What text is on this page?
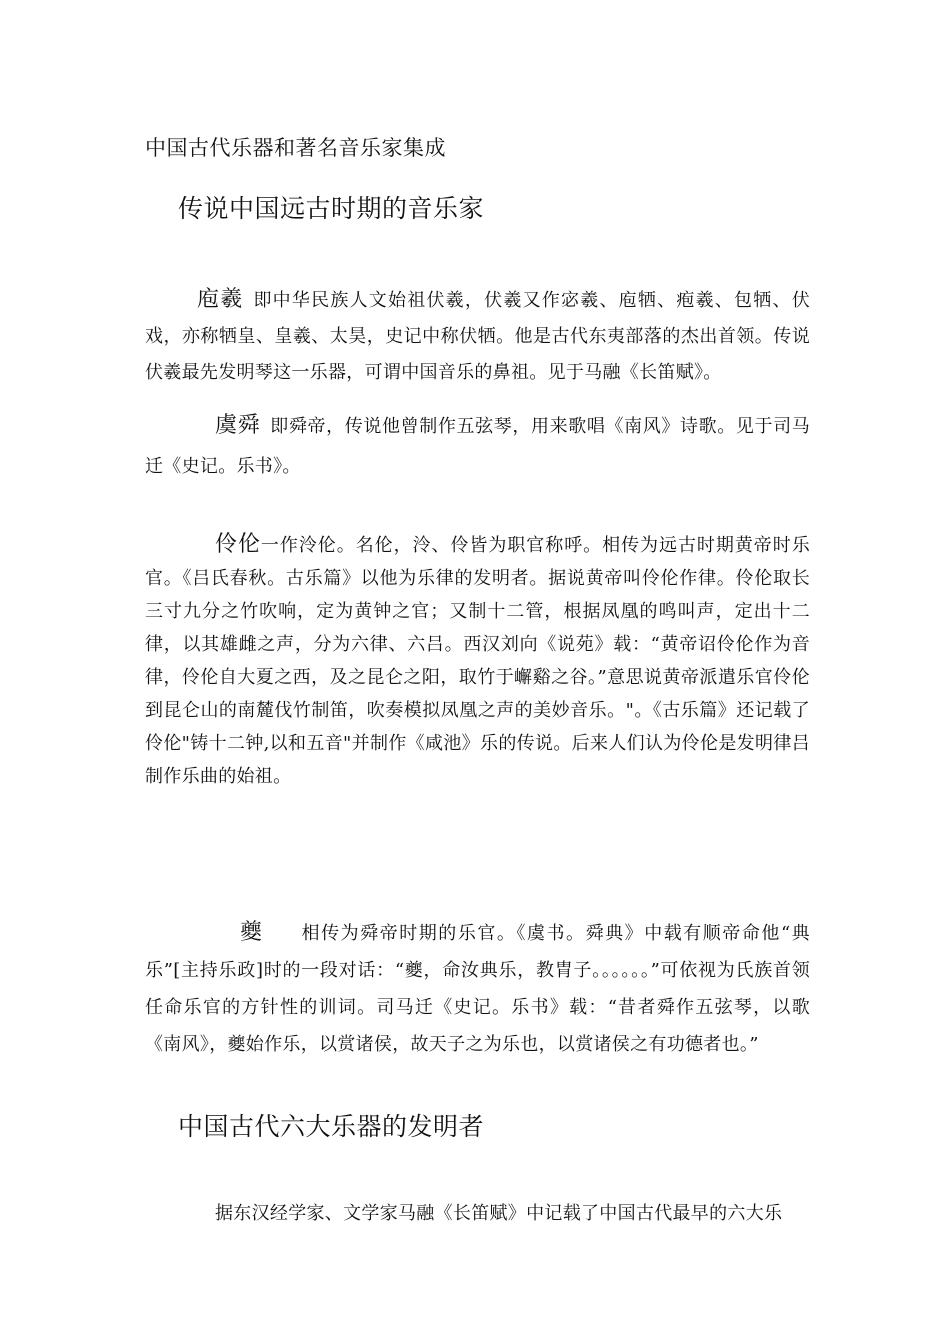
中国古代乐器和著名音乐家集成
传说中国远古时期的音乐家

庖羲 即中华民族人文始祖伏羲，伏羲又作宓羲、庖牺、疱羲、包牺、伏戏，亦称牺皇、皇羲、太昊，史记中称伏牺。他是古代东夷部落的杰出首领。传说伏羲最先发明琴这一乐器，可谓中国音乐的鼻祖。见于马融《长笛赋》。

虞舜 即舜帝，传说他曾制作五弦琴，用来歌唱《南风》诗歌。见于司马迁《史记。乐书》。

伶伦一作泠伦。名伦，泠、伶皆为职官称呼。相传为远古时期黄帝时乐官。《吕氏春秋。古乐篇》以他为乐律的发明者。据说黄帝叫伶伦作律。伶伦取长三寸九分之竹吹响，定为黄钟之官；又制十二管，根据凤凰的鸣叫声，定出十二律，以其雄雌之声，分为六律、六吕。西汉刘向《说苑》载：“黄帝诏伶伦作为音律，伶伦自大夏之西，及之昆仑之阳，取竹于嶰谿之谷。”意思说黄帝派遣乐官伶伦到昆仑山的南麓伐竹制笛，吹奏模拟凤凰之声的美妙音乐。"。《古乐篇》还记载了伶伦"铸十二钟,以和五音"并制作《咸池》乐的传说。后来人们认为伶伦是发明律吕制作乐曲的始祖。

夔 相传为舜帝时期的乐官。《虞书。舜典》中载有顺帝命他“典乐”[主持乐政]时的一段对话：“夔，命汝典乐，教胄子。。。。。。”可依视为氏族首领任命乐官的方针性的训词。司马迁《史记。乐书》载：“昔者舜作五弦琴，以歌《南风》，夔始作乐，以赏诸侯，故天子之为乐也，以赏诸侯之有功德者也。”

中国古代六大乐器的发明者

据东汉经学家、文学家马融《长笛赋》中记载了中国古代最早的六大乐
